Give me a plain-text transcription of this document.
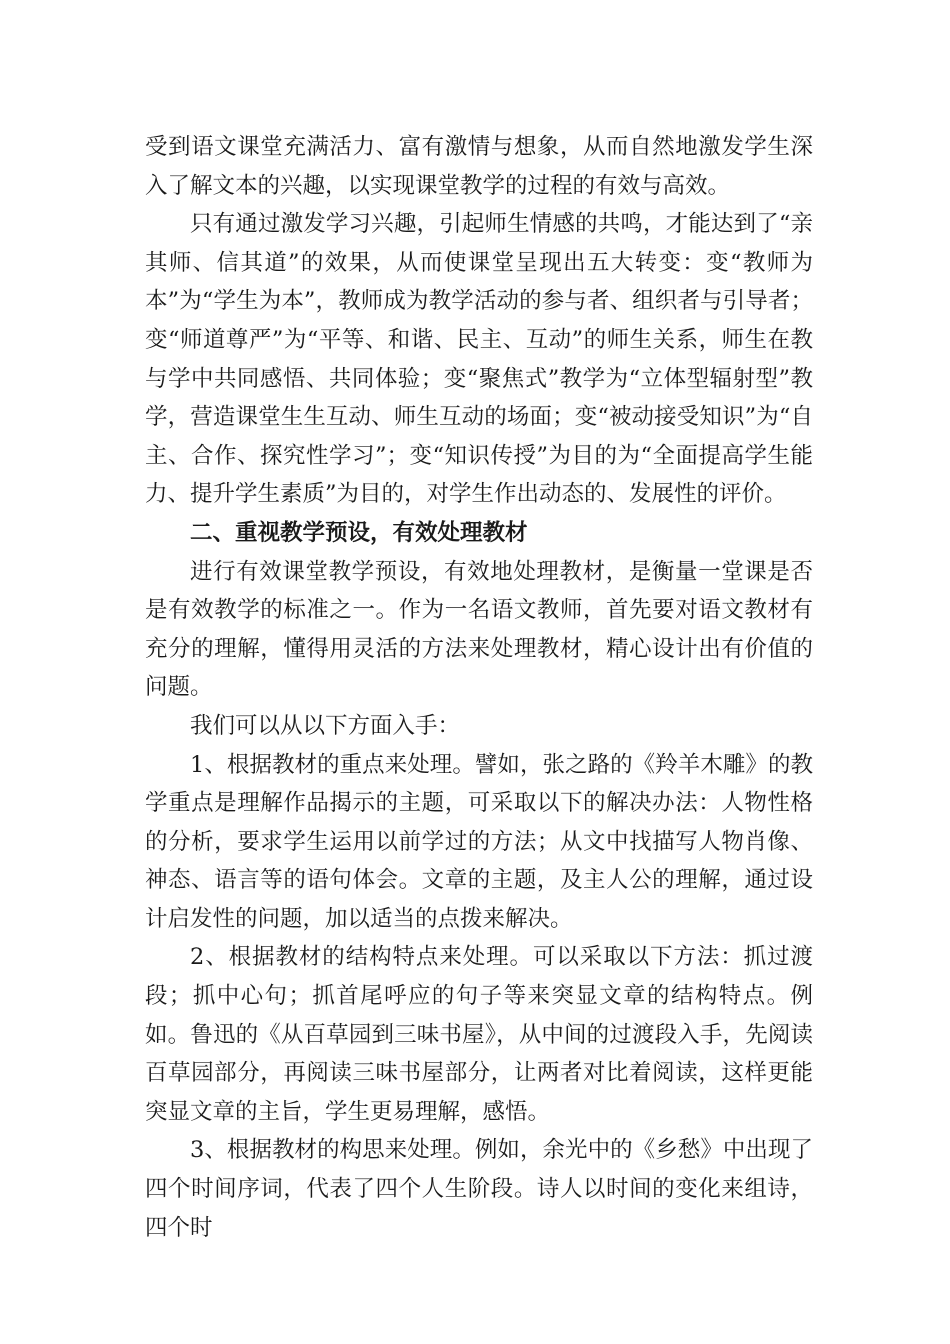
受到语文课堂充满活力、富有激情与想象，从而自然地激发学生深入了解文本的兴趣，以实现课堂教学的过程的有效与高效。

只有通过激发学习兴趣，引起师生情感的共鸣，才能达到了“亲其师、信其道”的效果，从而使课堂呈现出五大转变：变“教师为本”为“学生为本”，教师成为教学活动的参与者、组织者与引导者；变“师道尊严”为“平等、和谐、民主、互动”的师生关系，师生在教与学中共同感悟、共同体验；变“聚焦式”教学为“立体型辐射型”教学，营造课堂生生互动、师生互动的场面；变“被动接受知识”为“自主、合作、探究性学习”；变“知识传授”为目的为“全面提高学生能力、提升学生素质”为目的，对学生作出动态的、发展性的评价。

二、重视教学预设，有效处理教材

进行有效课堂教学预设，有效地处理教材，是衡量一堂课是否是有效教学的标准之一。作为一名语文教师，首先要对语文教材有充分的理解，懂得用灵活的方法来处理教材，精心设计出有价值的问题。

我们可以从以下方面入手：

1、根据教材的重点来处理。譬如，张之路的《羚羊木雕》的教学重点是理解作品揭示的主题，可采取以下的解决办法：人物性格的分析，要求学生运用以前学过的方法；从文中找描写人物肖像、神态、语言等的语句体会。文章的主题，及主人公的理解，通过设计启发性的问题，加以适当的点拨来解决。

2、根据教材的结构特点来处理。可以采取以下方法：抓过渡段；抓中心句；抓首尾呼应的句子等来突显文章的结构特点。例如。鲁迅的《从百草园到三味书屋》，从中间的过渡段入手，先阅读百草园部分，再阅读三味书屋部分，让两者对比着阅读，这样更能突显文章的主旨，学生更易理解，感悟。

3、根据教材的构思来处理。例如，余光中的《乡愁》中出现了四个时间序词，代表了四个人生阶段。诗人以时间的变化来组诗，四个时
